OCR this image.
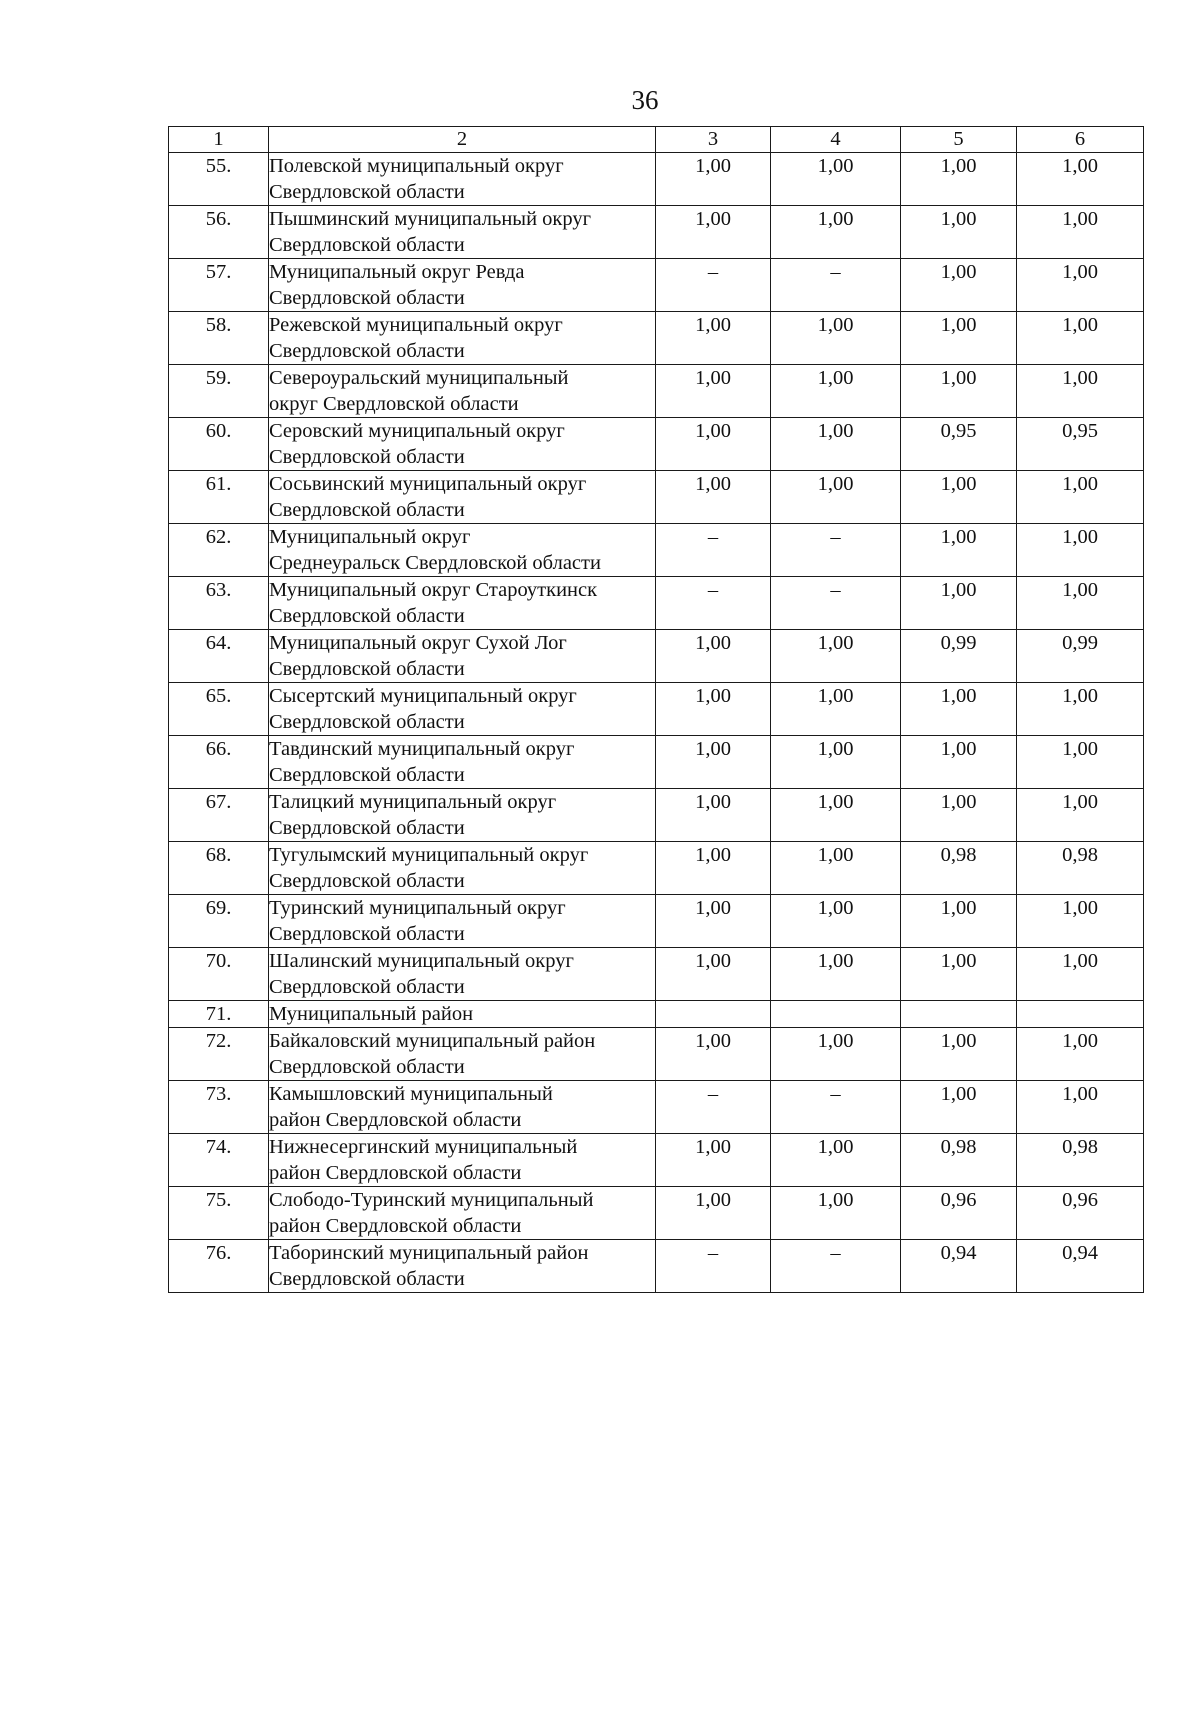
36
1	2	3	4	5	6
55.	Полевской муниципальный округ
Свердловской области	1,00	1,00	1,00	1,00
56.	Пышминский муниципальный округ
Свердловской области	1,00	1,00	1,00	1,00
57.	Муниципальный округ Ревда
Свердловской области	–	–	1,00	1,00
58.	Режевской муниципальный округ
Свердловской области	1,00	1,00	1,00	1,00
59.	Североуральский муниципальный
округ Свердловской области	1,00	1,00	1,00	1,00
60.	Серовский муниципальный округ
Свердловской области	1,00	1,00	0,95	0,95
61.	Сосьвинский муниципальный округ
Свердловской области	1,00	1,00	1,00	1,00
62.	Муниципальный округ
Среднеуральск Свердловской области	–	–	1,00	1,00
63.	Муниципальный округ Староуткинск
Свердловской области	–	–	1,00	1,00
64.	Муниципальный округ Сухой Лог
Свердловской области	1,00	1,00	0,99	0,99
65.	Сысертский муниципальный округ
Свердловской области	1,00	1,00	1,00	1,00
66.	Тавдинский муниципальный округ
Свердловской области	1,00	1,00	1,00	1,00
67.	Талицкий муниципальный округ
Свердловской области	1,00	1,00	1,00	1,00
68.	Тугулымский муниципальный округ
Свердловской области	1,00	1,00	0,98	0,98
69.	Туринский муниципальный округ
Свердловской области	1,00	1,00	1,00	1,00
70.	Шалинский муниципальный округ
Свердловской области	1,00	1,00	1,00	1,00
71.	Муниципальный район				

72.	Байкаловский муниципальный район
Свердловской области	1,00	1,00	1,00	1,00
73.	Камышловский муниципальный
район Свердловской области	–	–	1,00	1,00
74.	Нижнесергинский муниципальный
район Свердловской области	1,00	1,00	0,98	0,98
75.	Слободо-Туринский муниципальный
район Свердловской области	1,00	1,00	0,96	0,96
76.	Таборинский муниципальный район
Свердловской области	–	–	0,94	0,94
